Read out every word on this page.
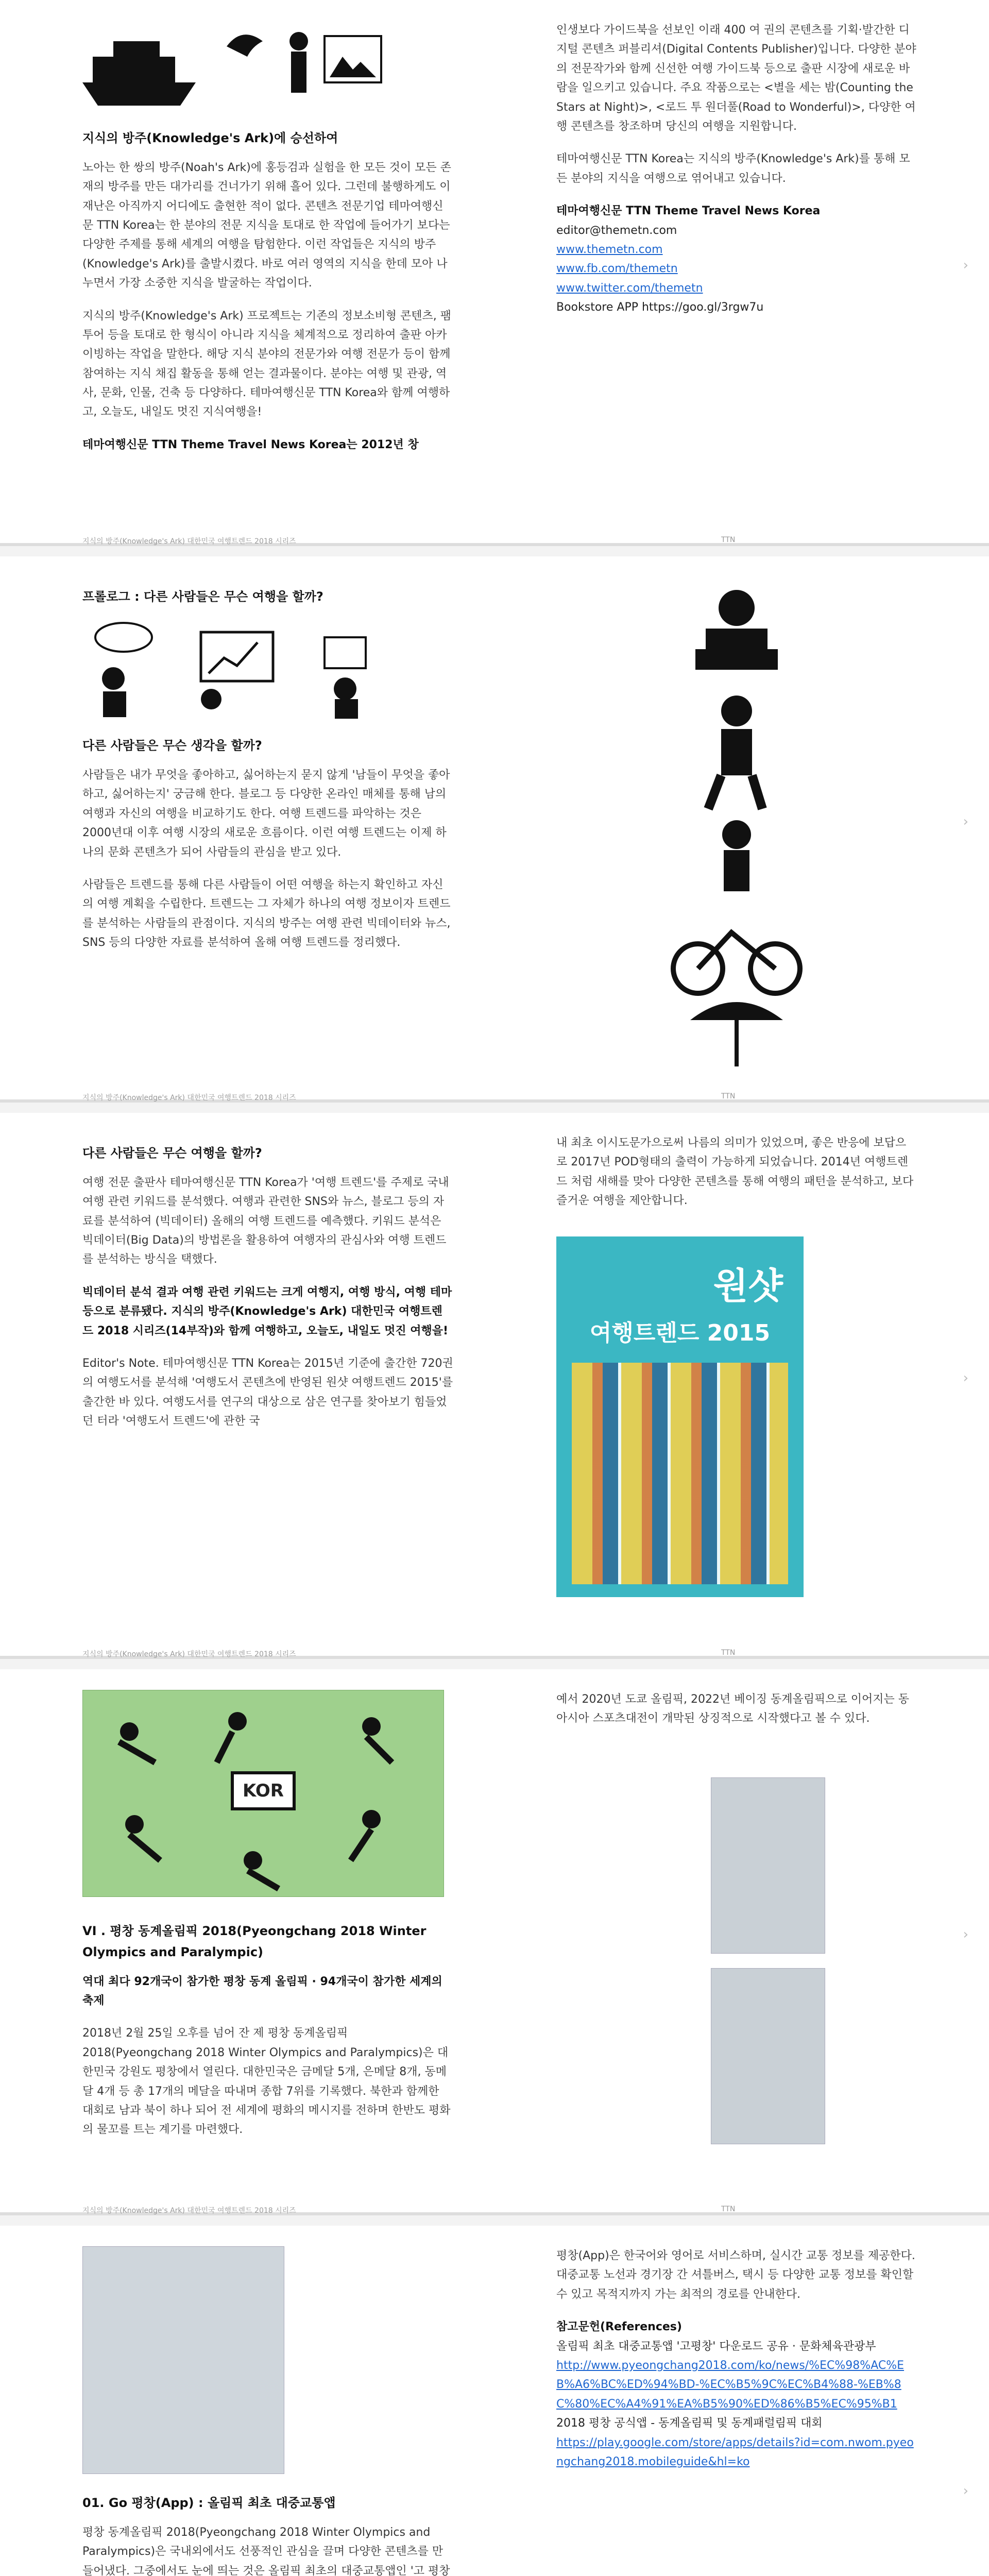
지식의 방주(Knowledge's Ark)에 승선하여

노아는 한 쌍의 방주(Noah's Ark)에 홍등검과 실험을 한 모든 것이 모든 존재의 방주를 만든 대가리를 건너가기 위해 흘어 있다. 그런데 불행하게도 이 재난은 아직까지 어디에도 출현한 적이 없다. 콘텐츠 전문기업 테마여행신문 TTN Korea는 한 분야의 전문 지식을 토대로 한 작업에 들어가기 보다는 다양한 주제를 통해 세계의 여행을 탐험한다. 이런 작업들은 지식의 방주(Knowledge's Ark)를 출발시켰다. 바로 여러 영역의 지식을 한데 모아 나누면서 가장 소중한 지식을 발굴하는 작업이다.

지식의 방주(Knowledge's Ark) 프로젝트는 기존의 정보소비형 콘텐츠, 팸투어 등을 토대로 한 형식이 아니라 지식을 체계적으로 정리하여 출판 아카이빙하는 작업을 말한다. 해당 지식 분야의 전문가와 여행 전문가 등이 함께 참여하는 지식 채집 활동을 통해 얻는 결과물이다. 분야는 여행 및 관광, 역사, 문화, 인물, 건축 등 다양하다. 테마여행신문 TTN Korea와 함께 여행하고, 오늘도, 내일도 멋진 지식여행을!

테마여행신문 TTN Theme Travel News Korea는 2012년 창

인생보다 가이드북을 선보인 이래 400 여 권의 콘텐츠를 기획·발간한 디지털 콘텐츠 퍼블리셔(Digital Contents Publisher)입니다. 다양한 분야의 전문작가와 함께 신선한 여행 가이드북 등으로 출판 시장에 새로운 바람을 일으키고 있습니다. 주요 작품으로는 <별을 세는 밤(Counting the Stars at Night)>, <로드 투 원더풀(Road to Wonderful)>, 다양한 여행 콘텐츠를 창조하며 당신의 여행을 지원합니다.

테마여행신문 TTN Korea는 지식의 방주(Knowledge's Ark)를 통해 모든 분야의 지식을 여행으로 엮어내고 있습니다.

테마여행신문 TTN Theme Travel News Korea
editor@themetn.com
www.themetn.com
www.fb.com/themetn
www.twitter.com/themetn
Bookstore APP https://goo.gl/3rgw7u
›
지식의 방주(Knowledge's Ark) 대한민국 여행트렌드 2018 시리즈	TTN
프롤로그 : 다른 사람들은 무슨 여행을 할까?
다른 사람들은 무슨 생각을 할까?

사람들은 내가 무엇을 좋아하고, 싫어하는지 묻지 않게 '남들이 무엇을 좋아하고, 싫어하는지' 궁금해 한다. 블로그 등 다양한 온라인 매체를 통해 남의 여행과 자신의 여행을 비교하기도 한다. 여행 트렌드를 파악하는 것은 2000년대 이후 여행 시장의 새로운 흐름이다. 이런 여행 트렌드는 이제 하나의 문화 콘텐츠가 되어 사람들의 관심을 받고 있다.

사람들은 트렌드를 통해 다른 사람들이 어떤 여행을 하는지 확인하고 자신의 여행 계획을 수립한다. 트렌드는 그 자체가 하나의 여행 정보이자 트렌드를 분석하는 사람들의 관점이다. 지식의 방주는 여행 관련 빅데이터와 뉴스, SNS 등의 다양한 자료를 분석하여 올해 여행 트렌드를 정리했다.

›
지식의 방주(Knowledge's Ark) 대한민국 여행트렌드 2018 시리즈	TTN
다른 사람들은 무슨 여행을 할까?

여행 전문 출판사 테마여행신문 TTN Korea가 '여행 트렌드'를 주제로 국내 여행 관련 키워드를 분석했다. 여행과 관련한 SNS와 뉴스, 블로그 등의 자료를 분석하여 (빅데이터) 올해의 여행 트렌드를 예측했다. 키워드 분석은 빅데이터(Big Data)의 방법론을 활용하여 여행자의 관심사와 여행 트렌드를 분석하는 방식을 택했다.

빅데이터 분석 결과 여행 관련 키워드는 크게 여행지, 여행 방식, 여행 테마 등으로 분류됐다. 지식의 방주(Knowledge's Ark) 대한민국 여행트렌드 2018 시리즈(14부작)와 함께 여행하고, 오늘도, 내일도 멋진 여행을!

Editor's Note. 테마여행신문 TTN Korea는 2015년 기준에 출간한 720권의 여행도서를 분석해 '여행도서 콘텐츠에 반영된 원샷 여행트렌드 2015'를 출간한 바 있다. 여행도서를 연구의 대상으로 삼은 연구를 찾아보기 힘들었던 터라 '여행도서 트렌드'에 관한 국

내 최초 이시도문가으로써 나름의 의미가 있었으며, 좋은 반응에 보답으로 2017년 POD형태의 출력이 가능하게 되었습니다. 2014년 여행트렌드 처럼 새해를 맞아 다양한 콘텐츠를 통해 여행의 패턴을 분석하고, 보다 즐거운 여행을 제안합니다.

원샷
여행트렌드 2015
›
지식의 방주(Knowledge's Ark) 대한민국 여행트렌드 2018 시리즈	TTN
KOR
VI . 평창 동계올림픽 2018(Pyeongchang 2018 Winter Olympics and Paralympic)

역대 최다 92개국이 참가한 평창 동계 올림픽 · 94개국이 참가한 세계의 축제

2018년 2월 25일 오후를 넘어 잔 제 평창 동계올림픽 2018(Pyeongchang 2018 Winter Olympics and Paralympics)은 대한민국 강원도 평창에서 열린다. 대한민국은 금메달 5개, 은메달 8개, 동메달 4개 등 총 17개의 메달을 따내며 종합 7위를 기록했다. 북한과 함께한 대회로 남과 북이 하나 되어 전 세계에 평화의 메시지를 전하며 한반도 평화의 물꼬를 트는 계기를 마련했다.

예서 2020년 도쿄 올림픽, 2022년 베이징 동계올림픽으로 이어지는 동아시아 스포츠대전이 개막된 상징적으로 시작했다고 볼 수 있다.

›
지식의 방주(Knowledge's Ark) 대한민국 여행트렌드 2018 시리즈	TTN
01. Go 평창(App) : 올림픽 최초 대중교통앱

평창 동계올림픽 2018(Pyeongchang 2018 Winter Olympics and Paralympics)은 국내외에서도 선풍적인 관심을 끌며 다양한 콘텐츠를 만들어냈다. 그중에서도 눈에 띄는 것은 올림픽 최초의 대중교통앱인 '고 평창

평창(App)은 한국어와 영어로 서비스하며, 실시간 교통 정보를 제공한다. 대중교통 노선과 경기장 간 셔틀버스, 택시 등 다양한 교통 정보를 확인할 수 있고 목적지까지 가는 최적의 경로를 안내한다.

참고문헌(References)
올림픽 최초 대중교통앱 '고평창' 다운로드 공유 · 문화체육관광부
http://www.pyeongchang2018.com/ko/news/%EC%98%AC%EB%A6%BC%ED%94%BD-%EC%B5%9C%EC%B4%88-%EB%8C%80%EC%A4%91%EA%B5%90%ED%86%B5%EC%95%B1
2018 평창 공식앱 - 동계올림픽 및 동계패럴림픽 대회
https://play.google.com/store/apps/details?id=com.nwom.pyeongchang2018.mobileguide&hl=ko
›
